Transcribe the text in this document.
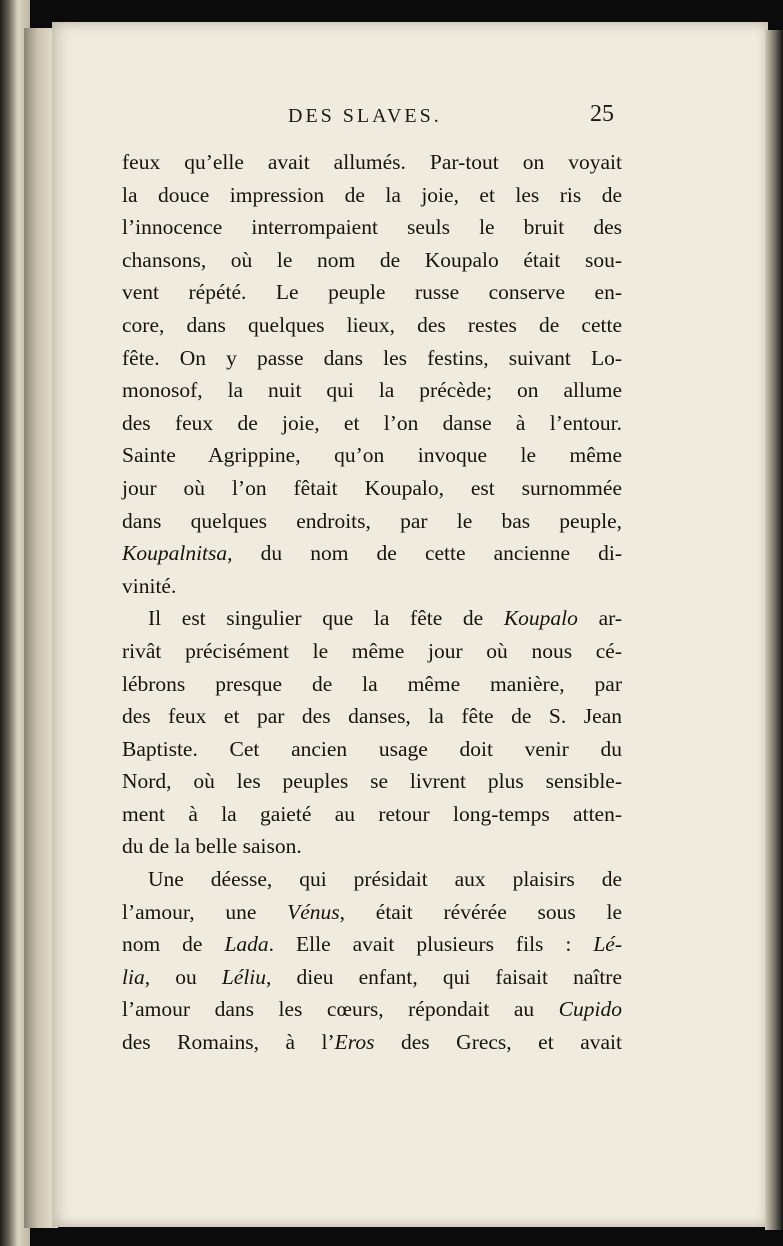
DES SLAVES.	25
feux qu’elle avait allumés. Par-tout on voyait
la douce impression de la joie, et les ris de
l’innocence interrompaient seuls le bruit des
chansons, où le nom de Koupalo était sou-
vent répété. Le peuple russe conserve en-
core, dans quelques lieux, des restes de cette
fête. On y passe dans les festins, suivant Lo-
monosof, la nuit qui la précède; on allume
des feux de joie, et l’on danse à l’entour.
Sainte Agrippine, qu’on invoque le même
jour où l’on fêtait Koupalo, est surnommée
dans quelques endroits, par le bas peuple,
Koupalnitsa, du nom de cette ancienne di-
vinité.
Il est singulier que la fête de Koupalo ar-
rivât précisément le même jour où nous cé-
lébrons presque de la même manière, par
des feux et par des danses, la fête de S. Jean
Baptiste. Cet ancien usage doit venir du
Nord, où les peuples se livrent plus sensible-
ment à la gaieté au retour long-temps atten-
du de la belle saison.
Une déesse, qui présidait aux plaisirs de
l’amour, une Vénus, était révérée sous le
nom de Lada. Elle avait plusieurs fils : Lé-
lia, ou Léliu, dieu enfant, qui faisait naître
l’amour dans les cœurs, répondait au Cupido
des Romains, à l’Eros des Grecs, et avait
